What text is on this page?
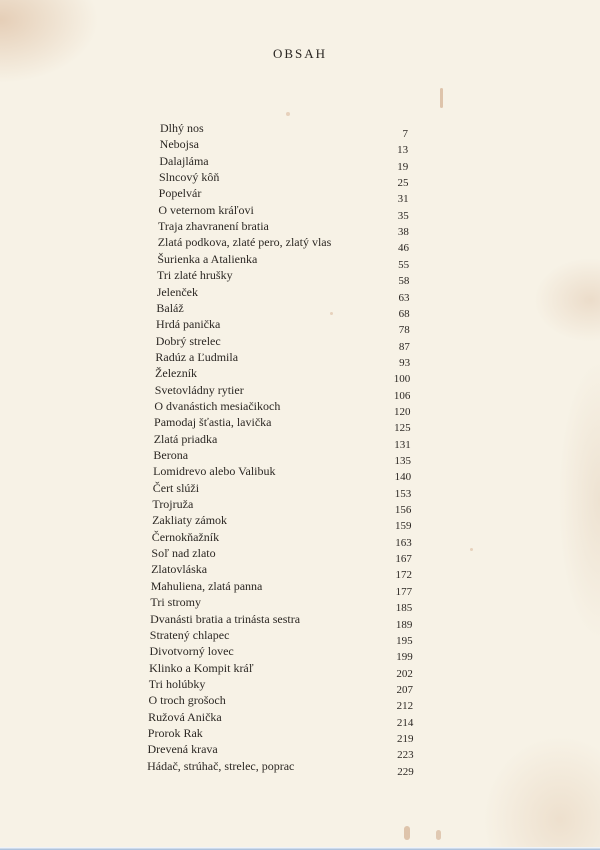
OBSAH
Dlhý nos	7
Nebojsa	13
Dalajláma	19
Slncový kôň	25
Popelvár	31
O veternom kráľovi	35
Traja zhavranení bratia	38
Zlatá podkova, zlaté pero, zlatý vlas	46
Šurienka a Atalienka	55
Tri zlaté hrušky	58
Jelenček	63
Baláž	68
Hrdá panička	78
Dobrý strelec	87
Radúz a Ľudmila	93
Železník	100
Svetovládny rytier	106
O dvanástich mesiačikoch	120
Pamodaj šťastia, lavička	125
Zlatá priadka	131
Berona	135
Lomidrevo alebo Valibuk	140
Čert slúži	153
Trojruža	156
Zakliaty zámok	159
Černokňažník	163
Soľ nad zlato	167
Zlatovláska	172
Mahuliena, zlatá panna	177
Tri stromy	185
Dvanásti bratia a trinásta sestra	189
Stratený chlapec	195
Divotvorný lovec	199
Klinko a Kompit kráľ	202
Tri holúbky	207
O troch grošoch	212
Ružová Anička	214
Prorok Rak	219
Drevená krava	223
Hádač, strúhač, strelec, poprac	229
